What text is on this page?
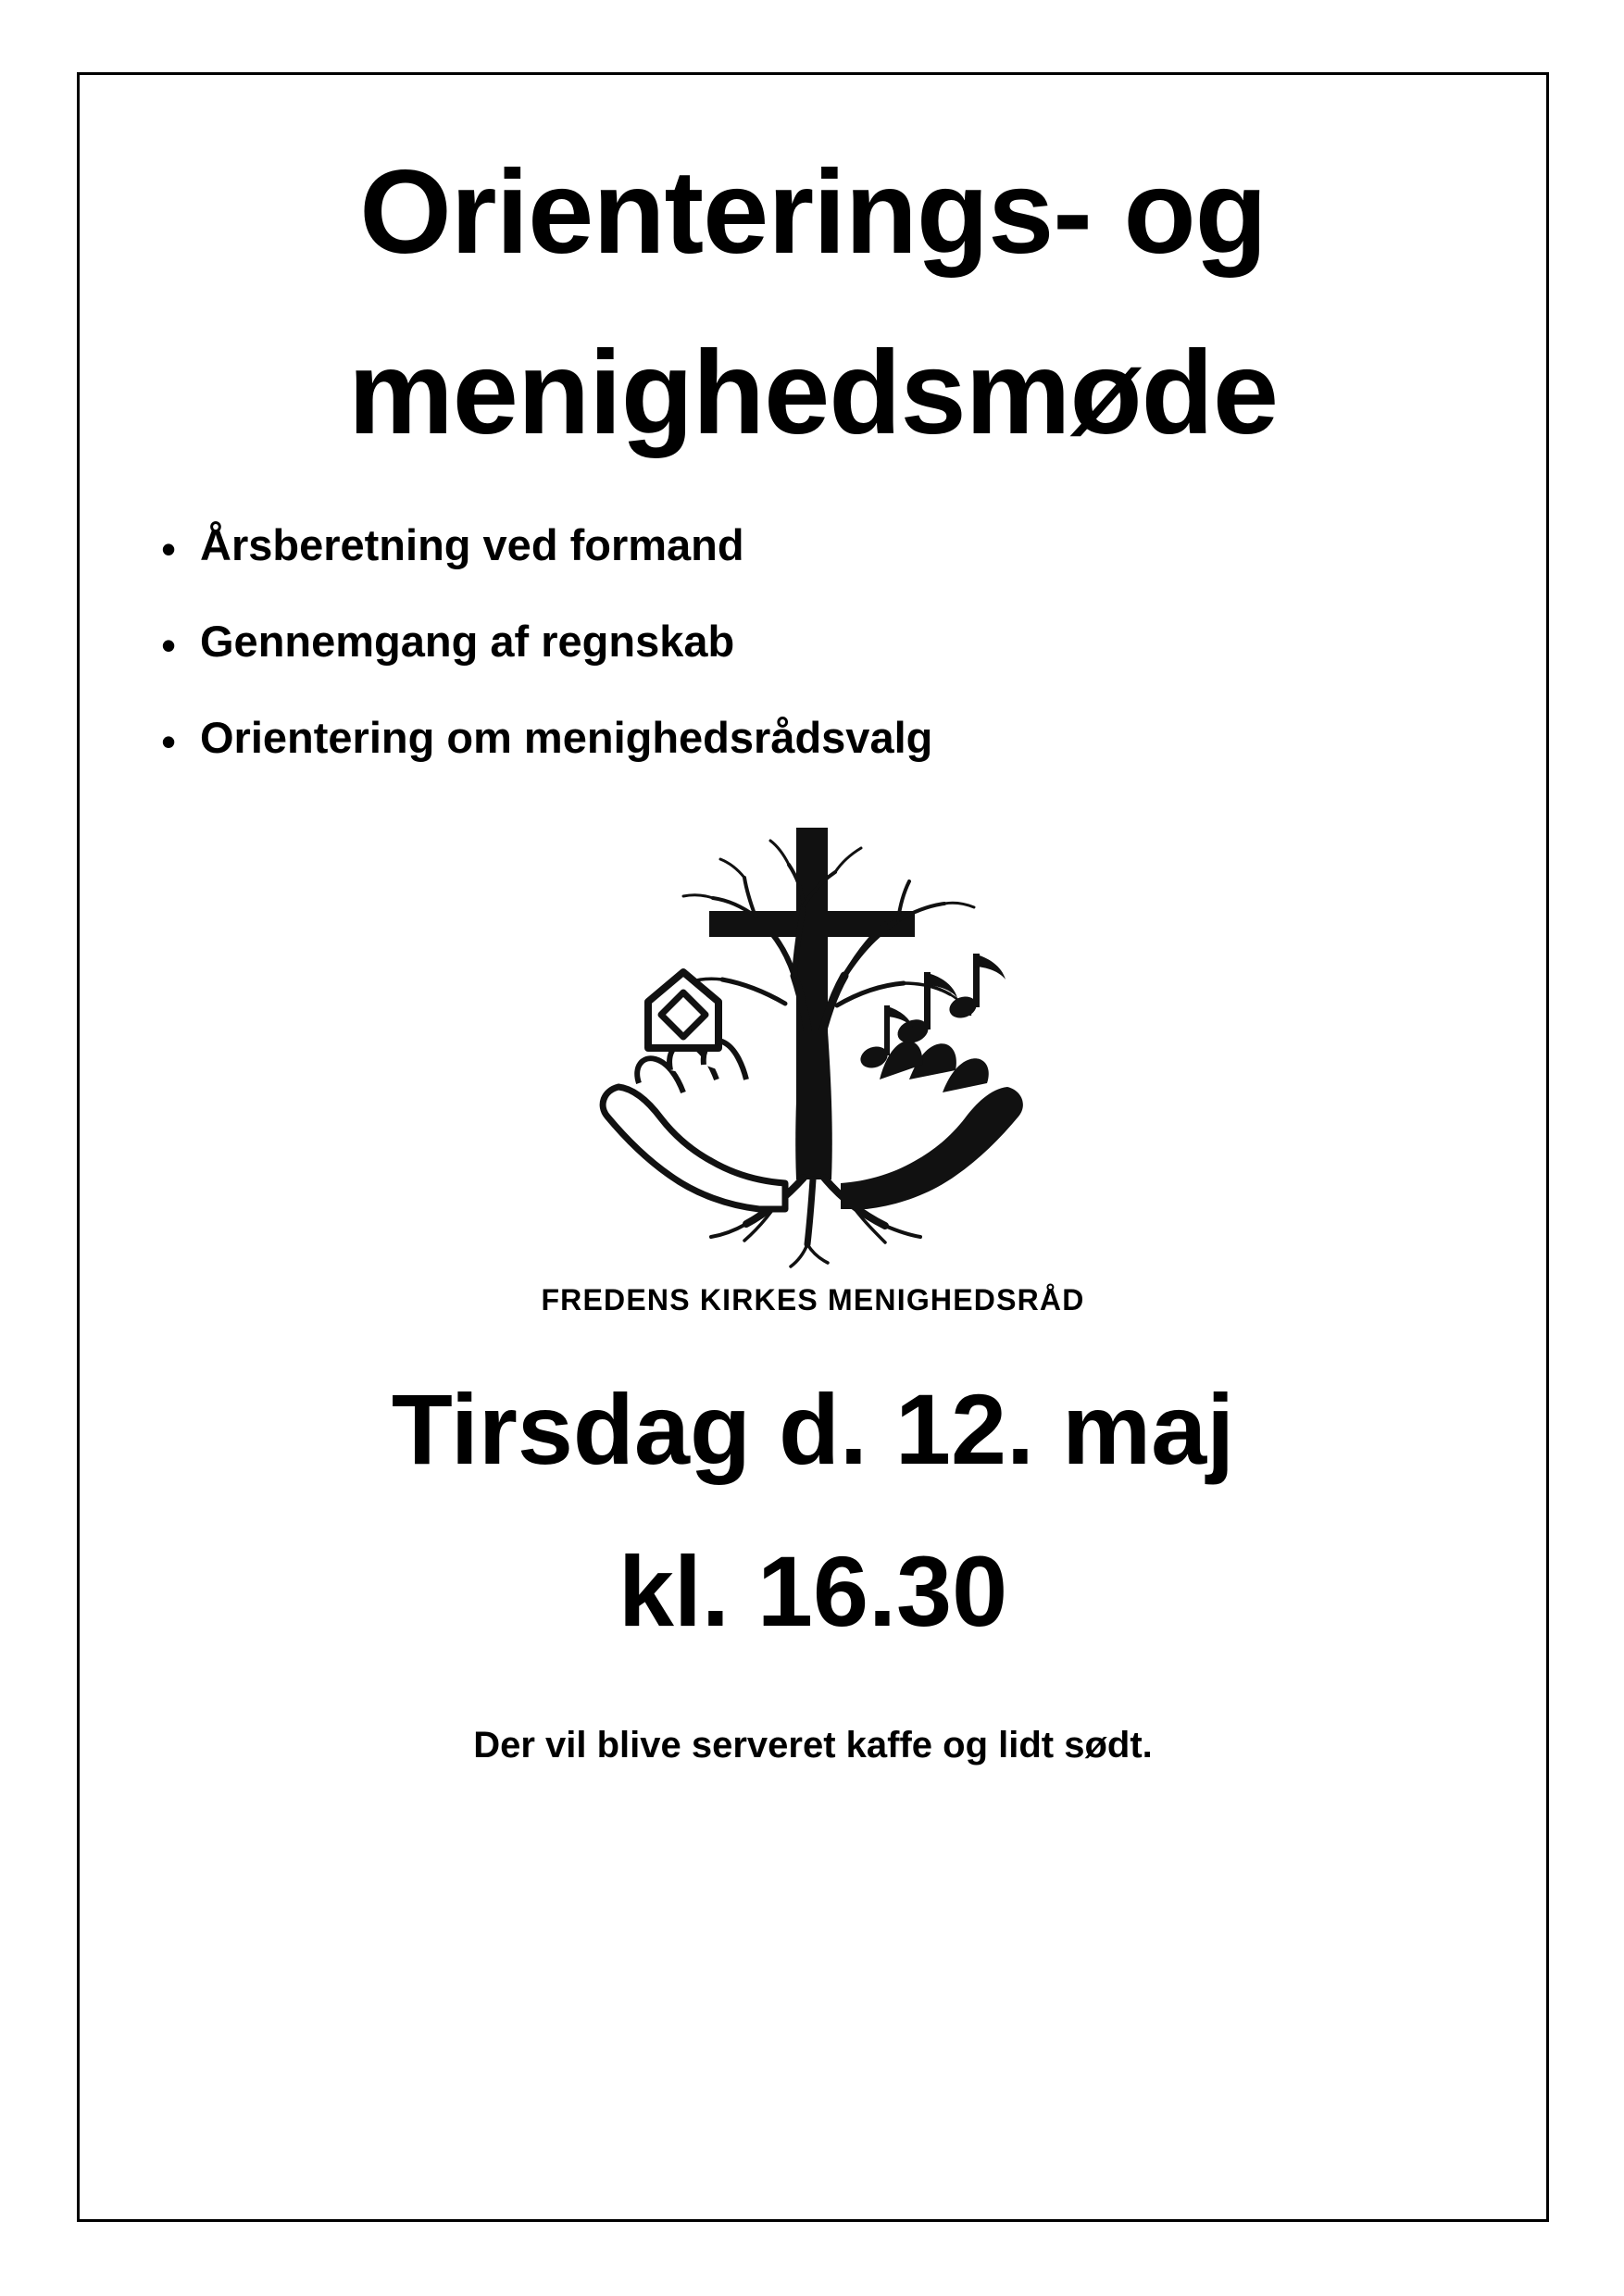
Orienterings- og
menighedsmøde
• Årsberetning ved formand
• Gennemgang af regnskab
• Orientering om menighedsrådsvalg
FREDENS KIRKES MENIGHEDSRÅD
Tirsdag d. 12. maj
kl. 16.30
Der vil blive serveret kaffe og lidt sødt.
